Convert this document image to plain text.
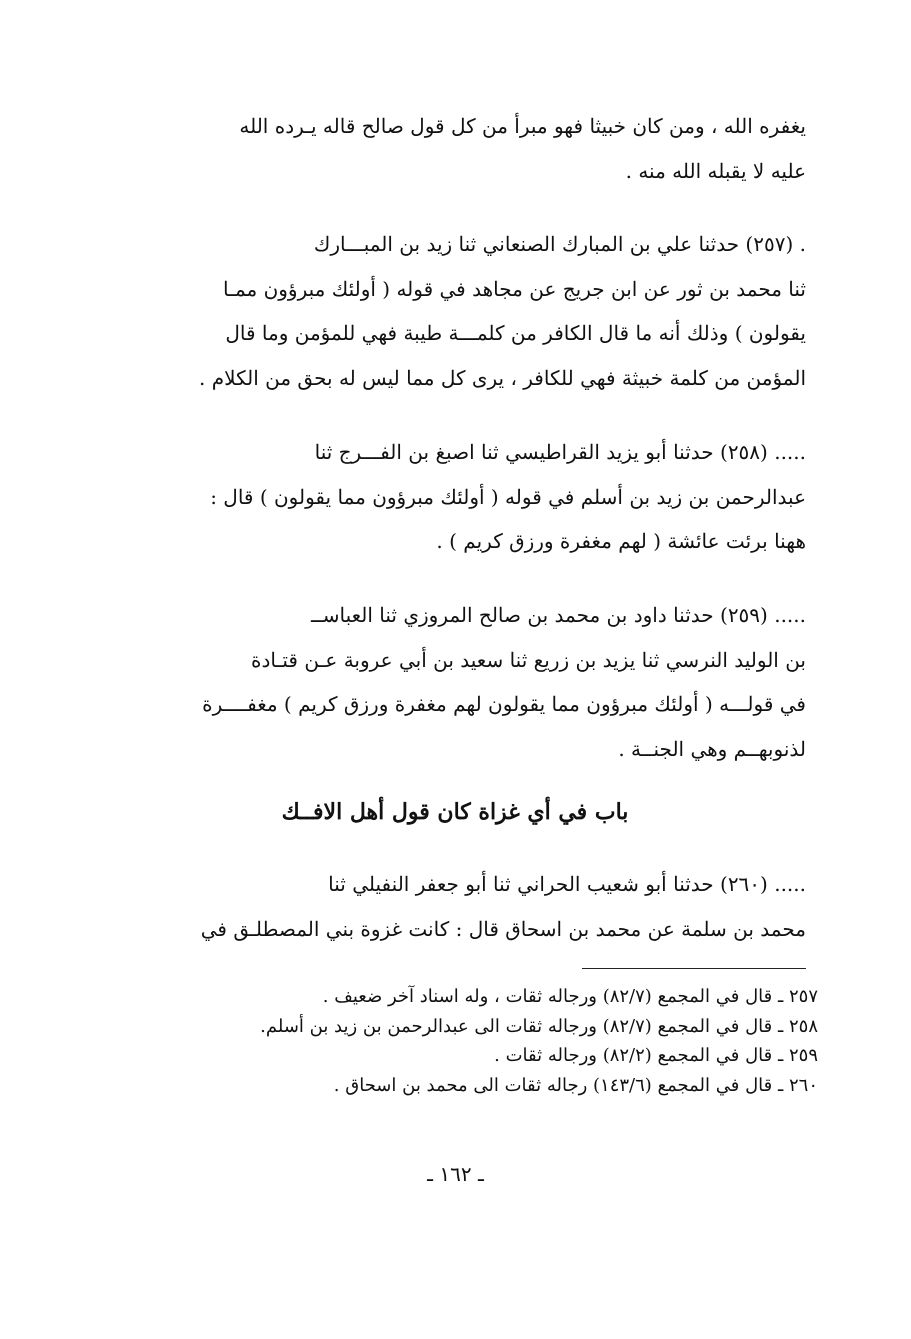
يغفره الله ، ومن كان خبيثا فهو مبرأ من كل قول صالح قاله يـرده الله
عليه لا يقبله الله منه .
. (٢٥٧) حدثنا علي بن المبارك الصنعاني ثنا زيد بن المبـــارك
ثنا محمد بن ثور عن ابن جريج عن مجاهد في قوله ( أولئك مبرؤون ممـا
يقولون ) وذلك أنه ما قال الكافر من كلمـــة طيبة فهي للمؤمن وما قال
المؤمن من كلمة خبيثة فهي للكافر ، يرى كل مما ليس له بحق من الكلام .
..... (٢٥٨) حدثنا أبو يزيد القراطيسي ثنا اصبغ بن الفـــرج ثنا
عبدالرحمن بن زيد بن أسلم في قوله ( أولئك مبرؤون مما يقولون ) قال :
ههنا برئت عائشة ( لهم مغفرة ورزق كريم ) .
..... (٢٥٩) حدثنا داود بن محمد بن صالح المروزي ثنا العباســ
بن الوليد النرسي ثنا يزيد بن زريع ثنا سعيد بن أبي عروبة عـن قتـادة
في قولـــه ( أولئك مبرؤون مما يقولون لهم مغفرة ورزق كريم ) مغفــــرة
لذنوبهــم وهي الجنــة .
باب في أي غزاة كان قول أهل الافــك
..... (٢٦٠) حدثنا أبو شعيب الحراني ثنا أبو جعفر النفيلي ثنا
محمد بن سلمة عن محمد بن اسحاق قال : كانت غزوة بني المصطلـق في
٢٥٧ ـ قال في المجمع (٨٢/٧) ورجاله ثقات ، وله اسناد آخر ضعيف .
٢٥٨ ـ قال في المجمع (٨٢/٧) ورجاله ثقات الى عبدالرحمن بن زيد بن أسلم.
٢٥٩ ـ قال في المجمع (٨٢/٢) ورجاله ثقات .
٢٦٠ ـ قال في المجمع (١٤٣/٦) رجاله ثقات الى محمد بن اسحاق .
ـ ١٦٢ ـ
